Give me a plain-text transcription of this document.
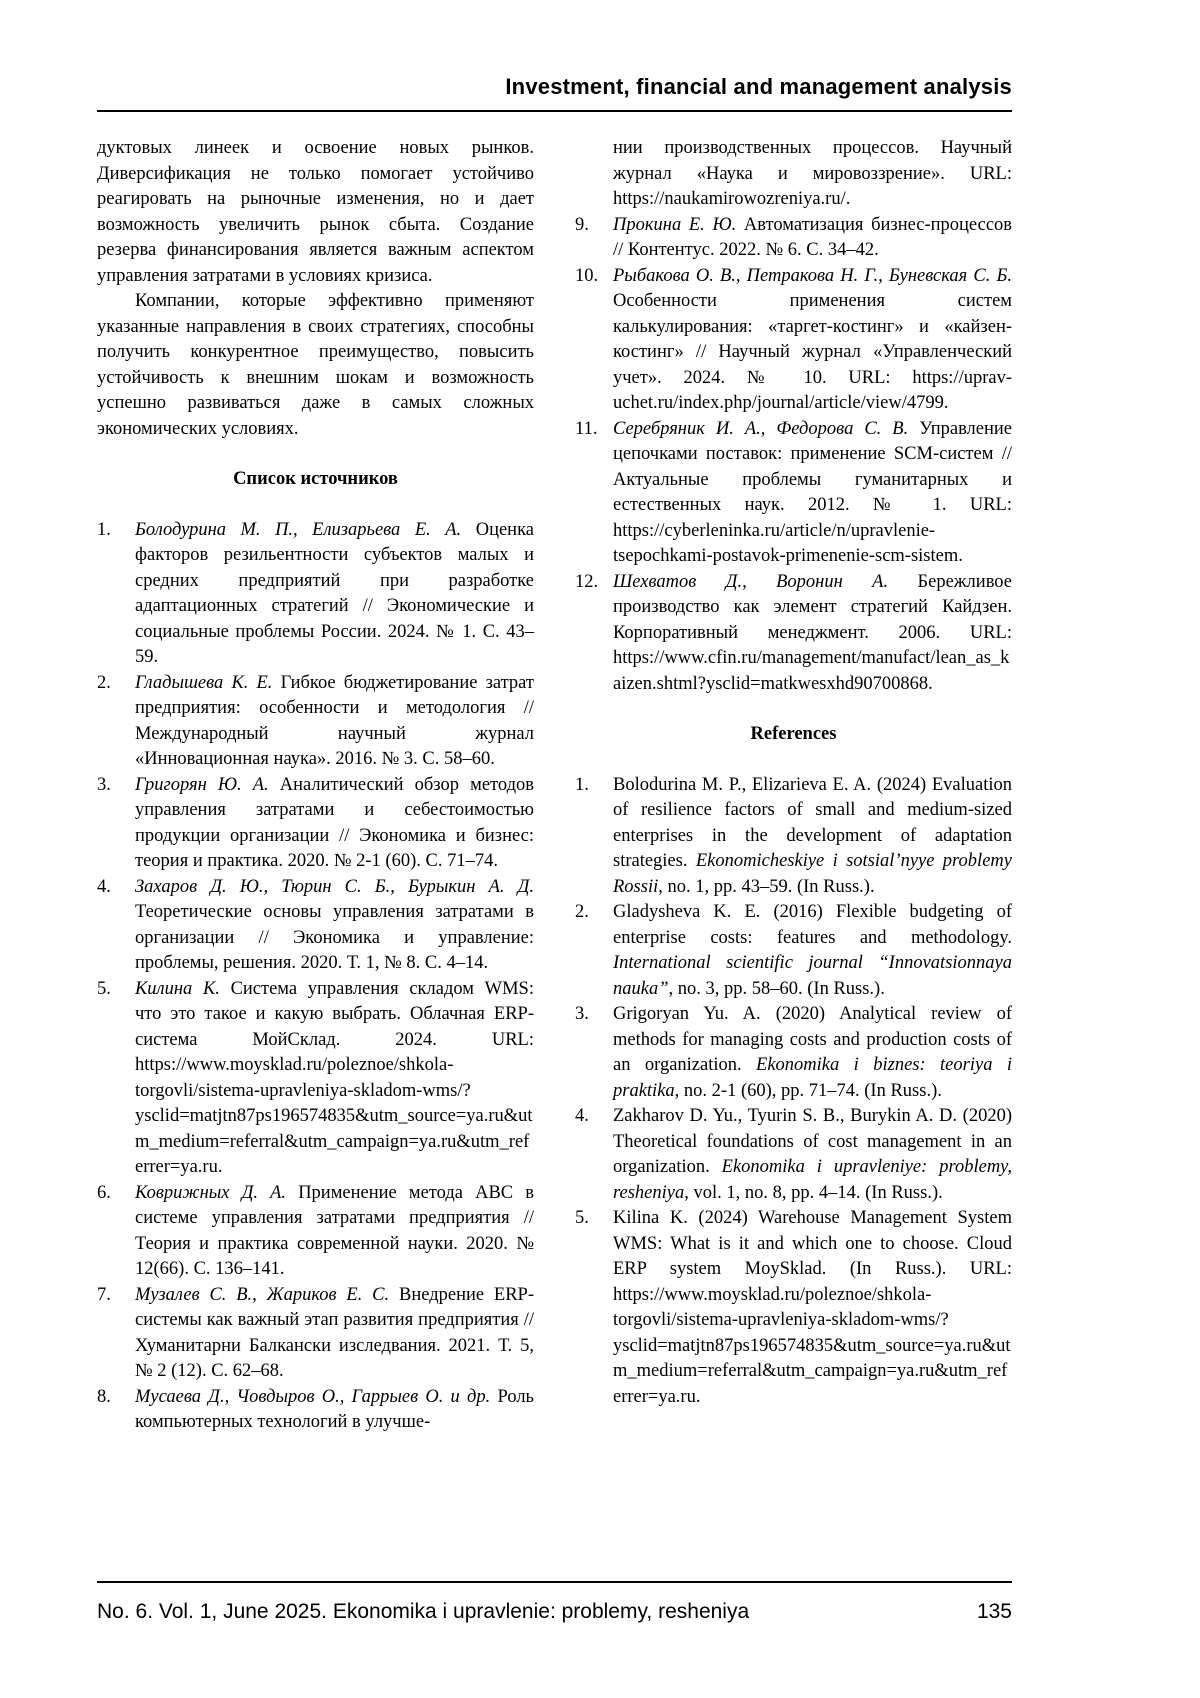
Investment, financial and management analysis

дуктовых линеек и освоение новых рынков. Диверсификация не только помогает устойчиво реагировать на рыночные изменения, но и дает возможность увеличить рынок сбыта. Создание резерва финансирования является важным аспектом управления затратами в условиях кризиса.

Компании, которые эффективно применяют указанные направления в своих стратегиях, способны получить конкурентное преимущество, повысить устойчивость к внешним шокам и возможность успешно развиваться даже в самых сложных экономических условиях.

Список источников
1. Болодурина М. П., Елизарьева Е. А. Оценка факторов резильентности субъектов малых и средних предприятий при разработке адаптационных стратегий // Экономические и социальные проблемы России. 2024. № 1. С. 43–59.
2. Гладышева К. Е. Гибкое бюджетирование затрат предприятия: особенности и методология // Международный научный журнал «Инновационная наука». 2016. № 3. С. 58–60.
3. Григорян Ю. А. Аналитический обзор методов управления затратами и себестоимостью продукции организации // Экономика и бизнес: теория и практика. 2020. № 2-1 (60). С. 71–74.
4. Захаров Д. Ю., Тюрин С. Б., Бурыкин А. Д. Теоретические основы управления затратами в организации // Экономика и управление: проблемы, решения. 2020. Т. 1, № 8. С. 4–14.
5. Килина К. Система управления складом WMS: что это такое и какую выбрать. Облачная ERP-система МойСклад. 2024. URL: https://www.moysklad.ru/poleznoe/shkola-torgovli/sistema-upravleniya-skladom-wms/?ysclid=matjtn87ps196574835&utm_source=ya.ru&utm_medium=referral&utm_campaign=ya.ru&utm_referrer=ya.ru.
6. Коврижных Д. А. Применение метода ABC в системе управления затратами предприятия // Теория и практика современной науки. 2020. № 12(66). С. 136–141.
7. Музалев С. В., Жариков Е. С. Внедрение ERP-системы как важный этап развития предприятия // Хуманитарни Балкански изследвания. 2021. Т. 5, № 2 (12). С. 62–68.
8. Мусаева Д., Човдыров О., Гаррыев О. и др. Роль компьютерных технологий в улучше-

нии производственных процессов. Научный журнал «Наука и мировоззрение». URL: https://naukamirowozreniya.ru/.

9. Прокина Е. Ю. Автоматизация бизнес-процессов // Контентус. 2022. № 6. С. 34–42.
10. Рыбакова О. В., Петракова Н. Г., Буневская С. Б. Особенности применения систем калькулирования: «таргет-костинг» и «кайзен-костинг» // Научный журнал «Управленческий учет». 2024. № 10. URL: https://uprav-uchet.ru/index.php/journal/article/view/4799.
11. Серебряник И. А., Федорова С. В. Управление цепочками поставок: применение SCM-систем // Актуальные проблемы гуманитарных и естественных наук. 2012. № 1. URL: https://cyberleninka.ru/article/n/upravlenie-tsepochkami-postavok-primenenie-scm-sistem.
12. Шехватов Д., Воронин А. Бережливое производство как элемент стратегий Кайдзен. Корпоративный менеджмент. 2006. URL: https://www.cfin.ru/management/manufact/lean_as_kaizen.shtml?ysclid=matkwesxhd90700868.
References
1. Bolodurina M. P., Elizarieva E. A. (2024) Evaluation of resilience factors of small and medium-sized enterprises in the development of adaptation strategies. Ekonomicheskiye i sotsial’nyye problemy Rossii, no. 1, pp. 43–59. (In Russ.).
2. Gladysheva K. E. (2016) Flexible budgeting of enterprise costs: features and methodology. International scientific journal “Innovatsionnaya nauka”, no. 3, pp. 58–60. (In Russ.).
3. Grigoryan Yu. A. (2020) Analytical review of methods for managing costs and production costs of an organization. Ekonomika i biznes: teoriya i praktika, no. 2-1 (60), pp. 71–74. (In Russ.).
4. Zakharov D. Yu., Tyurin S. B., Burykin A. D. (2020) Theoretical foundations of cost management in an organization. Ekonomika i upravleniye: problemy, resheniya, vol. 1, no. 8, pp. 4–14. (In Russ.).
5. Kilina K. (2024) Warehouse Management System WMS: What is it and which one to choose. Cloud ERP system MoySklad. (In Russ.). URL: https://www.moysklad.ru/poleznoe/shkola-torgovli/sistema-upravleniya-skladom-wms/?ysclid=matjtn87ps196574835&utm_source=ya.ru&utm_medium=referral&utm_campaign=ya.ru&utm_referrer=ya.ru.
No. 6. Vol. 1, June 2025. Ekonomika i upravlenie: problemy, resheniya	135
